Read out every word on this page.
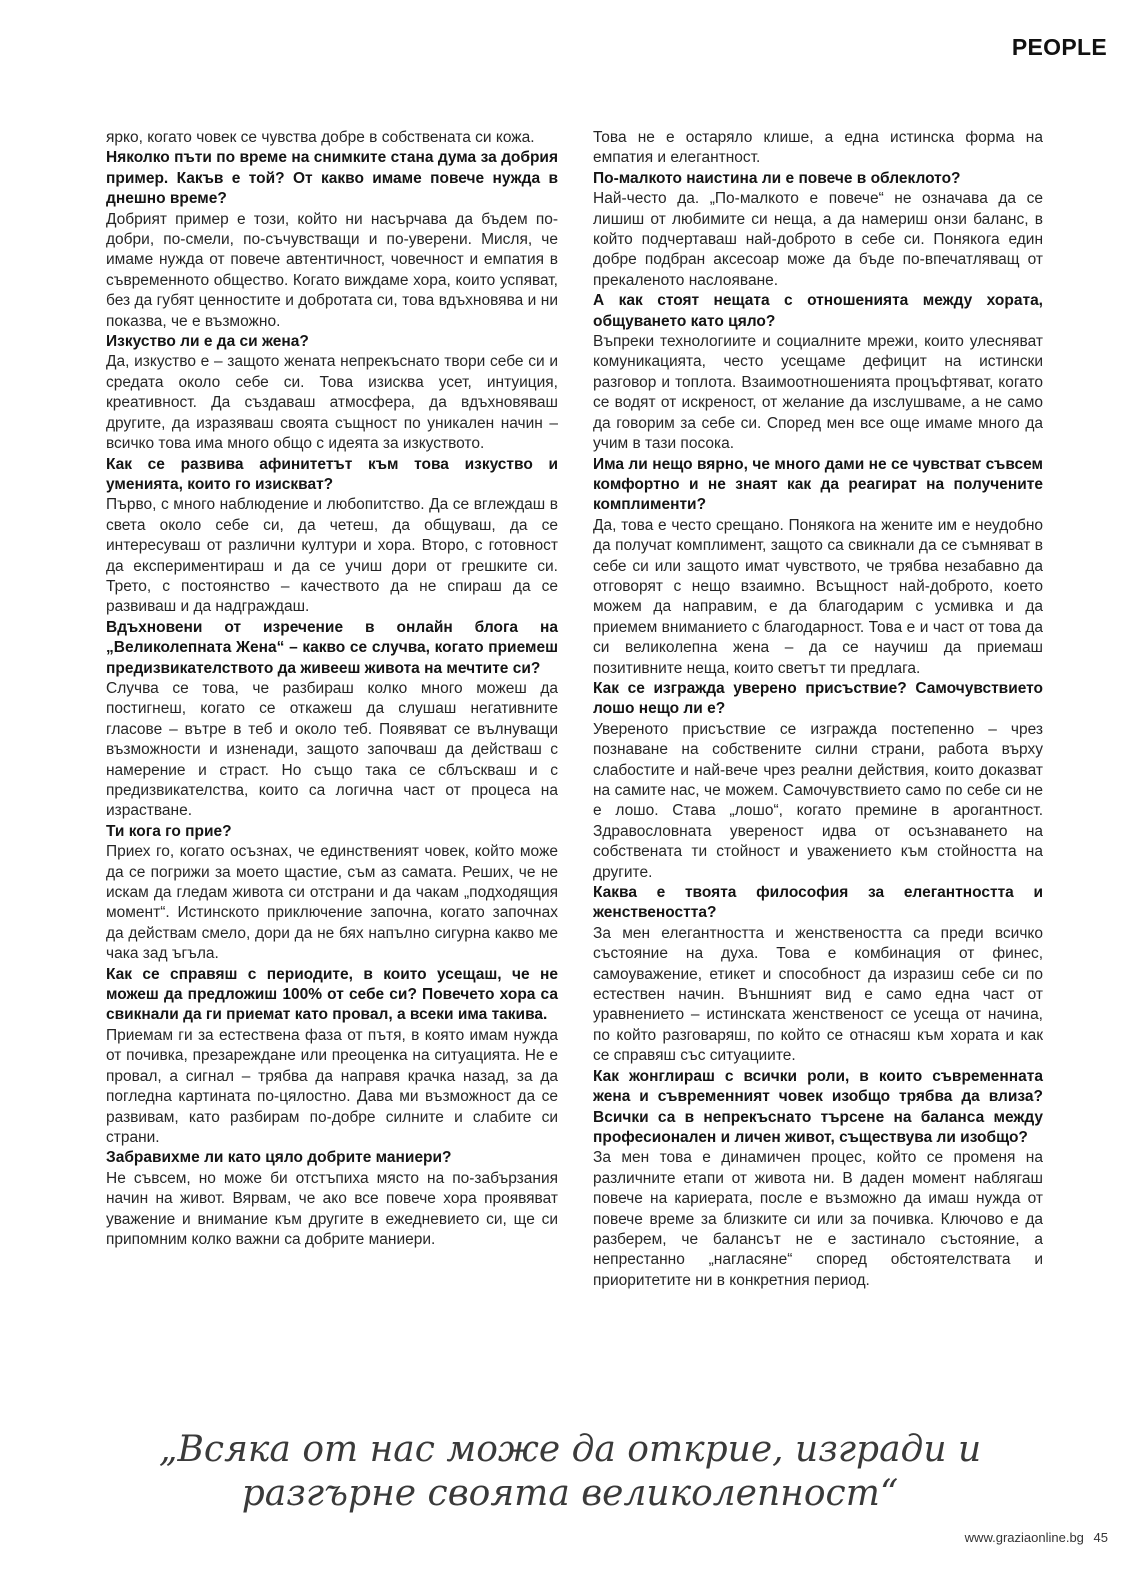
PEOPLE

ярко, когато човек се чувства добре в собствената си кожа.

Няколко пъти по време на снимките стана дума за добрия пример. Какъв е той? От какво имаме повече нужда в днешно време?

Добрият пример е този, който ни насърчава да бъдем по-добри, по-смели, по-съчувстващи и по-уверени. Мисля, че имаме нужда от повече автентичност, човечност и емпатия в съвременното общество. Когато виждаме хора, които успяват, без да губят ценностите и добротата си, това вдъхновява и ни показва, че е възможно.

Изкуство ли е да си жена?

Да, изкуство е – защото жената непрекъснато твори себе си и средата около себе си. Това изисква усет, интуиция, креативност. Да създаваш атмосфера, да вдъхновяваш другите, да изразяваш своята същност по уникален начин – всичко това има много общо с идеята за изкуството.

Как се развива афинитетът към това изкуство и уменията, които го изискват?

Първо, с много наблюдение и любопитство. Да се вглеждаш в света около себе си, да четеш, да общуваш, да се интересуваш от различни култури и хора. Второ, с готовност да експериментираш и да се учиш дори от грешките си. Трето, с постоянство – качеството да не спираш да се развиваш и да надграждаш.

Вдъхновени от изречение в онлайн блога на „Великолепната Жена“ – какво се случва, когато приемеш предизвикателството да живееш живота на мечтите си?

Случва се това, че разбираш колко много можеш да постигнеш, когато се откажеш да слушаш негативните гласове – вътре в теб и около теб. Появяват се вълнуващи възможности и изненади, защото започваш да действаш с намерение и страст. Но също така се сблъскваш и с предизвикателства, които са логична част от процеса на израстване.

Ти кога го прие?

Приех го, когато осъзнах, че единственият човек, който може да се погрижи за моето щастие, съм аз самата. Реших, че не искам да гледам живота си отстрани и да чакам „подходящия момент“. Истинското приключение започна, когато започнах да действам смело, дори да не бях напълно сигурна какво ме чака зад ъгъла.

Как се справяш с периодите, в които усещаш, че не можеш да предложиш 100% от себе си? Повечето хора са свикнали да ги приемат като провал, а всеки има такива.

Приемам ги за естествена фаза от пътя, в която имам нужда от почивка, презареждане или преоценка на ситуацията. Не е провал, а сигнал – трябва да направя крачка назад, за да погледна картината по-цялостно. Дава ми възможност да се развивам, като разбирам по-добре силните и слабите си страни.

Забравихме ли като цяло добрите маниери?

Не съвсем, но може би отстъпиха място на по-забързания начин на живот. Вярвам, че ако все повече хора проявяват уважение и внимание към другите в ежедневието си, ще си припомним колко важни са добрите маниери.

Това не е остаряло клише, а една истинска форма на емпатия и елегантност.

По-малкото наистина ли е повече в облеклото?

Най-често да. „По-малкото е повече“ не означава да се лишиш от любимите си неща, а да намериш онзи баланс, в който подчертаваш най-доброто в себе си. Понякога един добре подбран аксесоар може да бъде по-впечатляващ от прекаленото наслояване.

А как стоят нещата с отношенията между хората, общуването като цяло?

Въпреки технологиите и социалните мрежи, които улесняват комуникацията, често усещаме дефицит на истински разговор и топлота. Взаимоотношенията процъфтяват, когато се водят от искреност, от желание да изслушваме, а не само да говорим за себе си. Според мен все още имаме много да учим в тази посока.

Има ли нещо вярно, че много дами не се чувстват съвсем комфортно и не знаят как да реагират на получените комплименти?

Да, това е често срещано. Понякога на жените им е неудобно да получат комплимент, защото са свикнали да се съмняват в себе си или защото имат чувството, че трябва незабавно да отговорят с нещо взаимно. Всъщност най-доброто, което можем да направим, е да благодарим с усмивка и да приемем вниманието с благодарност. Това е и част от това да си великолепна жена – да се научиш да приемаш позитивните неща, които светът ти предлага.

Как се изгражда уверено присъствие? Самочувствието лошо нещо ли е?

Увереното присъствие се изгражда постепенно – чрез познаване на собствените силни страни, работа върху слабостите и най-вече чрез реални действия, които доказват на самите нас, че можем. Самочувствието само по себе си не е лошо. Става „лошо“, когато премине в арогантност. Здравословната увереност идва от осъзнаването на собствената ти стойност и уважението към стойността на другите.

Каква е твоята философия за елегантността и женствеността?

За мен елегантността и женствеността са преди всичко състояние на духа. Това е комбинация от финес, самоуважение, етикет и способност да изразиш себе си по естествен начин. Външният вид е само една част от уравнението – истинската женственост се усеща от начина, по който разговаряш, по който се отнасяш към хората и как се справяш със ситуациите.

Как жонглираш с всички роли, в които съвременната жена и съвременният човек изобщо трябва да влиза? Всички са в непрекъснато търсене на баланса между професионален и личен живот, съществува ли изобщо?

За мен това е динамичен процес, който се променя на различните етапи от живота ни. В даден момент наблягаш повече на кариерата, после е възможно да имаш нужда от повече време за близките си или за почивка. Ключово е да разберем, че балансът не е застинало състояние, а непрестанно „нагласяне“ според обстоятелствата и приоритетите ни в конкретния период.

„Всяка от нас може да открие, изгради и
разгърне своята великолепност“
www.graziaonline.bg 45
